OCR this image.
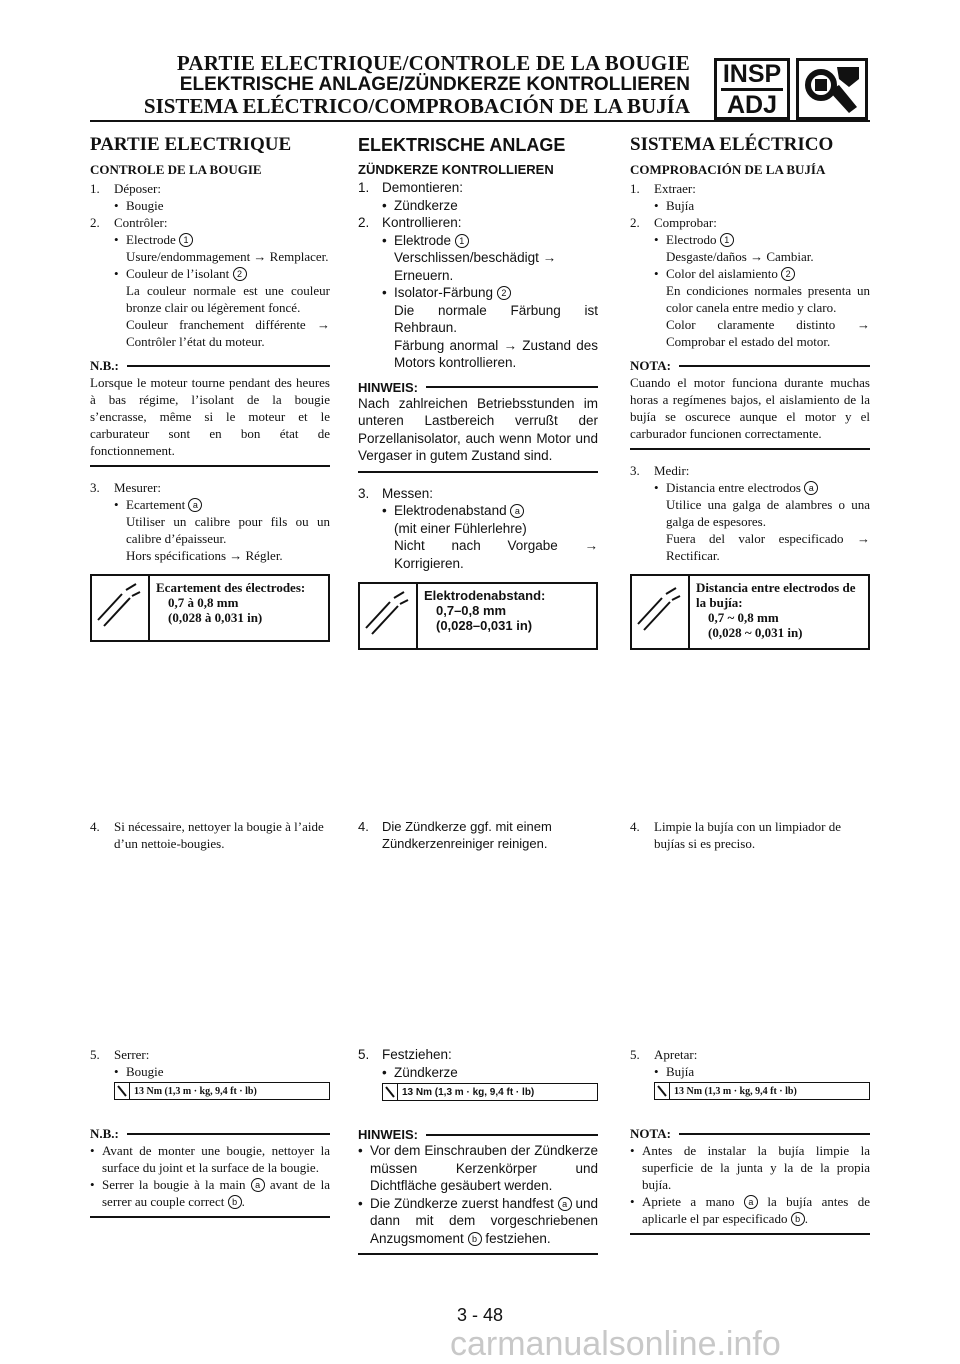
PARTIE ELECTRIQUE/CONTROLE DE LA BOUGIE
ELEKTRISCHE ANLAGE/ZÜNDKERZE KONTROLLIEREN
SISTEMA ELÉCTRICO/COMPROBACIÓN DE LA BUJÍA
INSP
ADJ
PARTIE ELECTRIQUE
CONTROLE DE LA BOUGIE
1.	Déposer:
• Bougie
2.	Contrôler:
• Electrode 1
Usure/endommagement → Remplacer.
• Couleur de l’isolant 2
La couleur normale est une couleur bronze clair ou légèrement foncé.
Couleur franchement différente → Contrôler l’état du moteur.
N.B.:
Lorsque le moteur tourne pendant des heures à bas régime, l’isolant de la bougie s’encrasse, même si le moteur et le carburateur sont en bon état de fonctionnement.
3.	Mesurer:
• Ecartement a
Utiliser un calibre pour fils ou un calibre d’épaisseur.
Hors spécifications → Régler.
Ecartement des électrodes:
0,7 à 0,8 mm
(0,028 à 0,031 in)
4.	Si nécessaire, nettoyer la bougie à l’aide d’un nettoie-bougies.
5.	Serrer:
• Bougie
13 Nm (1,3 m · kg, 9,4 ft · lb)
N.B.:
• Avant de monter une bougie, nettoyer la surface du joint et la surface de la bougie.
• Serrer la bougie à la main a avant de la serrer au couple correct b .
ELEKTRISCHE ANLAGE
ZÜNDKERZE KONTROLLIEREN
1. Demontieren:
• Zündkerze
2. Kontrollieren:
• Elektrode 1
Verschlissen/beschädigt → Erneuern.
• Isolator-Färbung 2
Die normale Färbung ist Rehbraun.
Färbung anormal → Zustand des Motors kontrollieren.
HINWEIS:
Nach zahlreichen Betriebsstunden im unteren Lastbereich verrußt der Porzellanisolator, auch wenn Motor und Vergaser in gutem Zustand sind.
3. Messen:
• Elektrodenabstand a
(mit einer Fühlerlehre)
Nicht nach Vorgabe → Korrigieren.
Elektrodenabstand:
0,7–0,8 mm
(0,028–0,031 in)
4.	Die Zündkerze ggf. mit einem Zündkerzenreiniger reinigen.
5. Festziehen:
• Zündkerze
13 Nm (1,3 m · kg, 9,4 ft · lb)
HINWEIS:
• Vor dem Einschrauben der Zündkerze müssen Kerzenkörper und Dichtfläche gesäubert werden.
• Die Zündkerze zuerst handfest a und dann mit dem vorgeschriebenen Anzugsmoment b festziehen.
SISTEMA ELÉCTRICO
COMPROBACIÓN DE LA BUJÍA
1.	Extraer:
• Bujía
2.	Comprobar:
• Electrodo 1
Desgaste/daños → Cambiar.
• Color del aislamiento 2
En condiciones normales presenta un color canela entre medio y claro.
Color claramente distinto → Comprobar el estado del motor.
NOTA:
Cuando el motor funciona durante muchas horas a regímenes bajos, el aislamiento de la bujía se oscurece aunque el motor y el carburador funcionen correctamente.
3.	Medir:
• Distancia entre electrodos a
Utilice una galga de alambres o una galga de espesores.
Fuera del valor especificado → Rectificar.
Distancia entre electrodos de la bujía:
0,7 ~ 0,8 mm
(0,028 ~ 0,031 in)
4.	Limpie la bujía con un limpiador de bujías si es preciso.
5.	Apretar:
• Bujía
13 Nm (1,3 m · kg, 9,4 ft · lb)
NOTA:
• Antes de instalar la bujía limpie la superficie de la junta y la de la propia bujía.
• Apriete a mano a la bujía antes de aplicarle el par especificado b .
3 - 48
carmanualsonline.info
